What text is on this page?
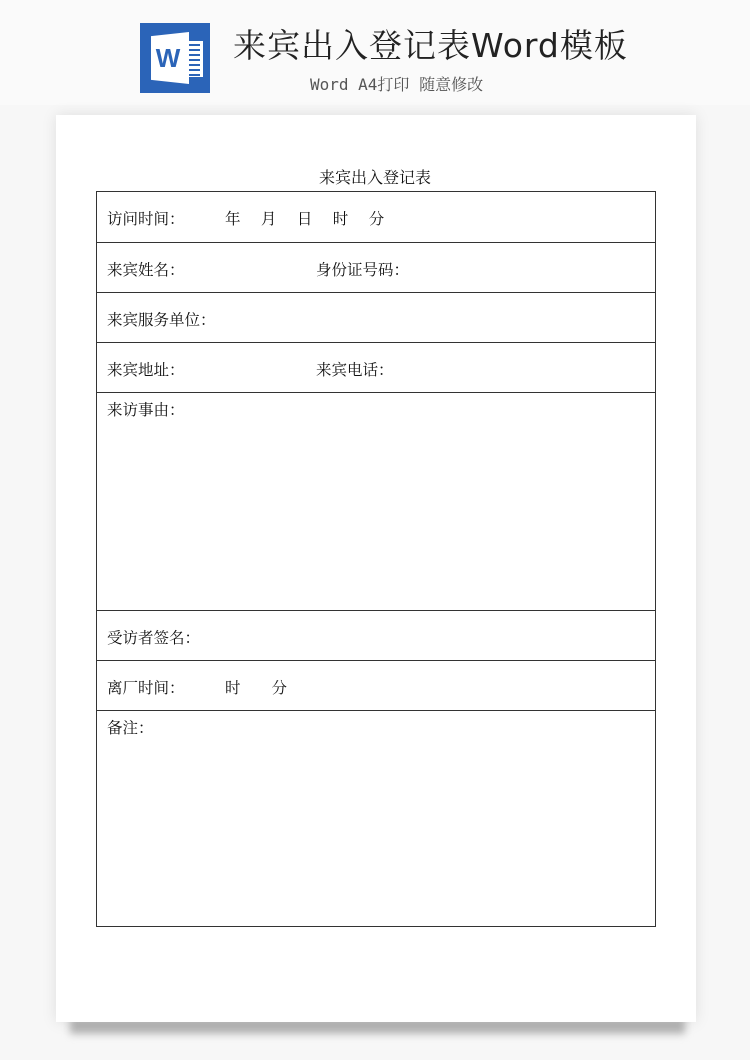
W 来宾出入登记表Word模板
Word A4打印 随意修改
来宾出入登记表
访问时间：	年　 月　 日　 时　 分
来宾姓名：	身份证号码：
来宾服务单位：
来宾地址：	来宾电话：
来访事由：
受访者签名：
离厂时间：	时　　分
备注：
